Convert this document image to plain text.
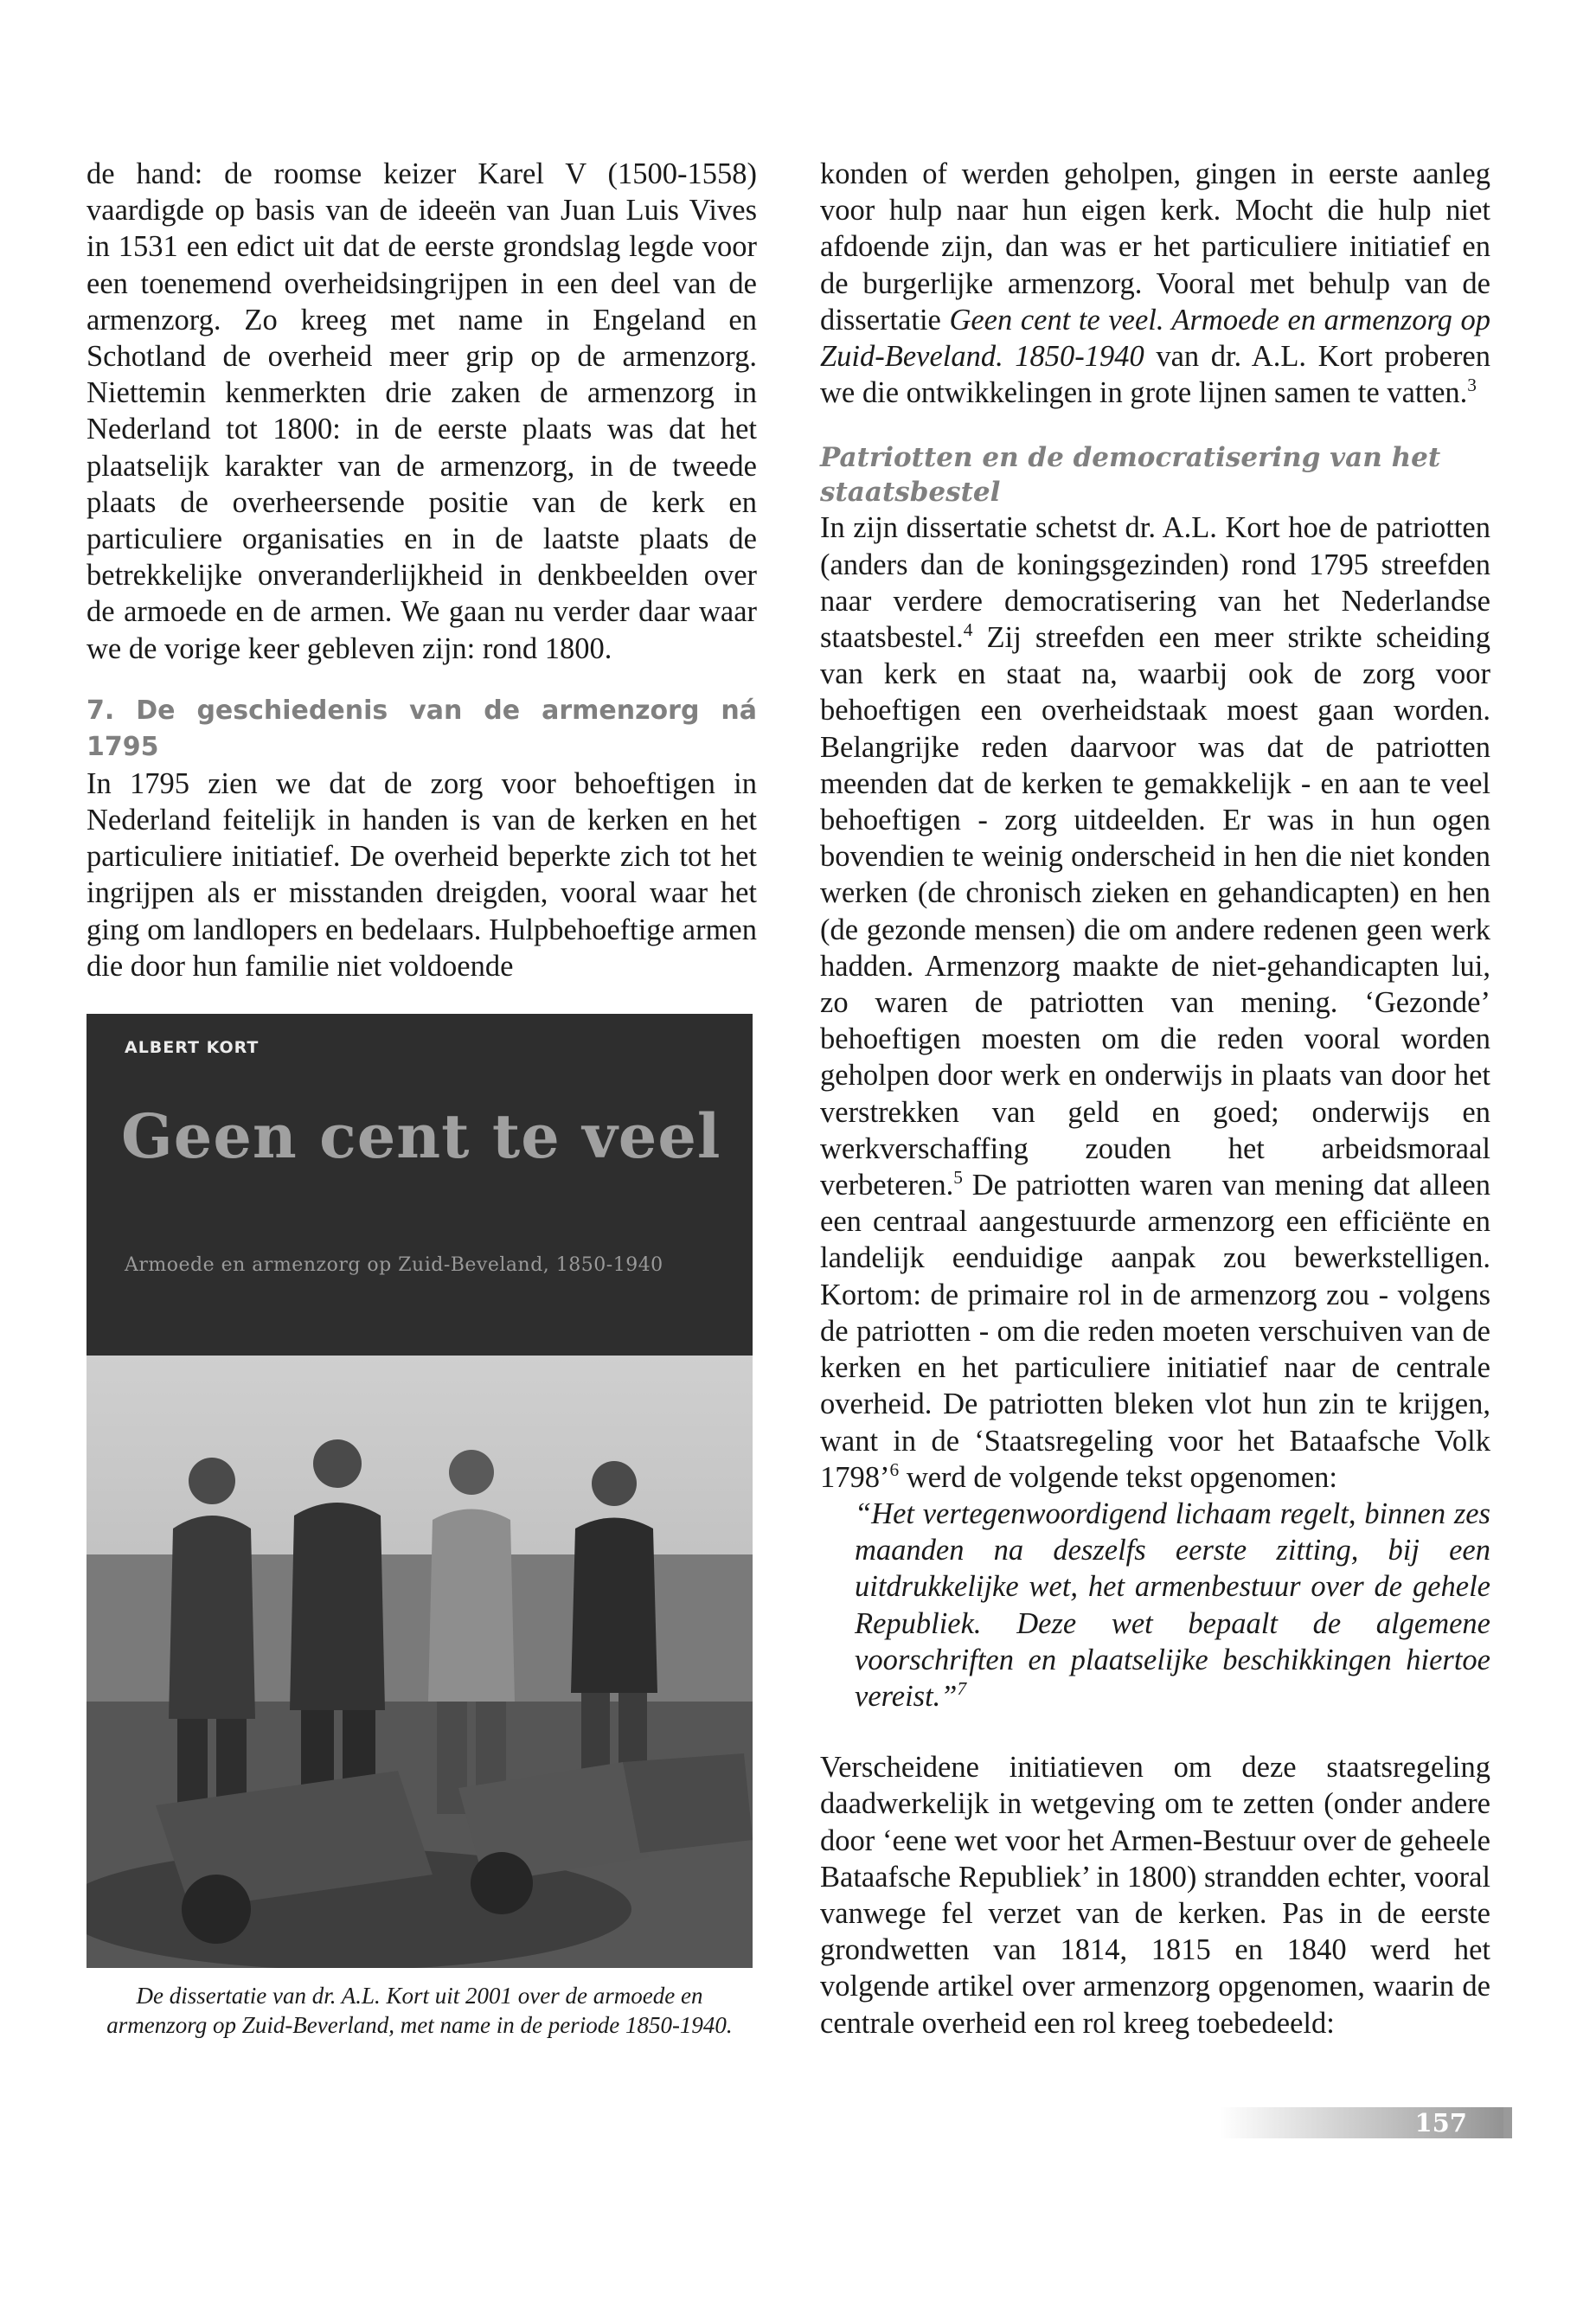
de hand: de roomse keizer Karel V (1500-1558) vaardigde op basis van de ideeën van Juan Luis Vives in 1531 een edict uit dat de eerste grondslag legde voor een toenemend overheidsingrijpen in een deel van de armenzorg. Zo kreeg met name in Engeland en Schotland de overheid meer grip op de armenzorg. Niettemin kenmerkten drie zaken de armenzorg in Nederland tot 1800: in de eerste plaats was dat het plaatselijk karakter van de armenzorg, in de tweede plaats de overheersende positie van de kerk en particuliere organisaties en in de laatste plaats de betrekkelijke onveranderlijkheid in denkbeelden over de armoede en de armen. We gaan nu verder daar waar we de vorige keer gebleven zijn: rond 1800.

7. De geschiedenis van de armenzorg ná 1795

In 1795 zien we dat de zorg voor behoeftigen in Nederland feitelijk in handen is van de kerken en het particuliere initiatief. De overheid beperkte zich tot het ingrijpen als er misstanden dreigden, vooral waar het ging om landlopers en bedelaars. Hulpbehoeftige armen die door hun familie niet voldoende

ALBERT KORT
Geen cent te veel
Armoede en armenzorg op Zuid-Beveland, 1850-1940
De dissertatie van dr. A.L. Kort uit 2001 over de armoede en armenzorg op Zuid-Beverland, met name in de periode 1850-1940.

konden of werden geholpen, gingen in eerste aanleg voor hulp naar hun eigen kerk. Mocht die hulp niet afdoende zijn, dan was er het particuliere initiatief en de burgerlijke armenzorg. Vooral met behulp van de dissertatie Geen cent te veel. Armoede en armenzorg op Zuid-Beveland. 1850-1940 van dr. A.L. Kort proberen we die ontwikkelingen in grote lijnen samen te vatten.$^3$

Patriotten en de democratisering van het staatsbestel

In zijn dissertatie schetst dr. A.L. Kort hoe de patriotten (anders dan de koningsgezinden) rond 1795 streefden naar verdere democratisering van het Nederlandse staatsbestel.$^4$ Zij streefden een meer strikte scheiding van kerk en staat na, waarbij ook de zorg voor behoeftigen een overheidstaak moest gaan worden. Belangrijke reden daarvoor was dat de patriotten meenden dat de kerken te gemakkelijk - en aan te veel behoeftigen - zorg uitdeelden. Er was in hun ogen bovendien te weinig onderscheid in hen die niet konden werken (de chronisch zieken en gehandicapten) en hen (de gezonde mensen) die om andere redenen geen werk hadden. Armenzorg maakte de niet-gehandicapten lui, zo waren de patriotten van mening. ‘Gezonde’ behoeftigen moesten om die reden vooral worden geholpen door werk en onderwijs in plaats van door het verstrekken van geld en goed; onderwijs en werkverschaffing zouden het arbeidsmoraal verbeteren.$^5$ De patriotten waren van mening dat alleen een centraal aangestuurde armenzorg een efficiënte en landelijk eenduidige aanpak zou bewerkstelligen. Kortom: de primaire rol in de armenzorg zou - volgens de patriotten - om die reden moeten verschuiven van de kerken en het particuliere initiatief naar de centrale overheid. De patriotten bleken vlot hun zin te krijgen, want in de ‘Staatsregeling voor het Bataafsche Volk 1798’$^6$ werd de volgende tekst opgenomen:

“Het vertegenwoordigend lichaam regelt, binnen zes maanden na deszelfs eerste zitting, bij een uitdrukkelijke wet, het armenbestuur over de gehele Republiek. Deze wet bepaalt de algemene voorschriften en plaatselijke beschikkingen hiertoe vereist.”$^7$

Verscheidene initiatieven om deze staatsregeling daadwerkelijk in wetgeving om te zetten (onder andere door ‘eene wet voor het Armen-Bestuur over de geheele Bataafsche Republiek’ in 1800) strandden echter, vooral vanwege fel verzet van de kerken. Pas in de eerste grondwetten van 1814, 1815 en 1840 werd het volgende artikel over armenzorg opgenomen, waarin de centrale overheid een rol kreeg toebedeeld:

157
